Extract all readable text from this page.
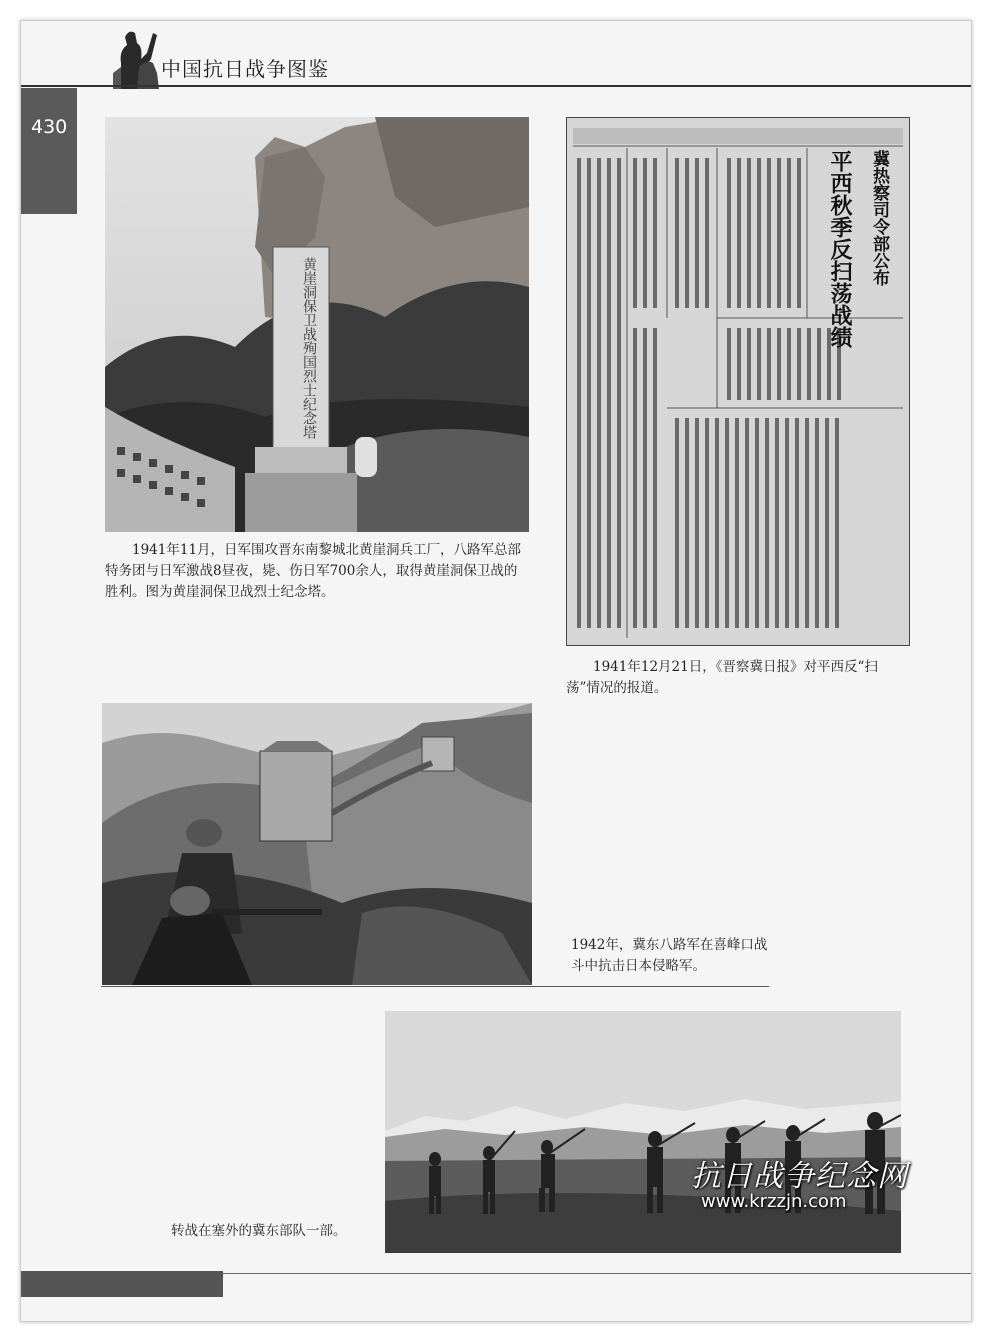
中国抗日战争图鉴
430
黄崖洞保卫战殉国烈士纪念塔
1941年11月，日军围攻晋东南黎城北黄崖洞兵工厂，八路军总部特务团与日军激战8昼夜，毙、伤日军700余人，取得黄崖洞保卫战的胜利。图为黄崖洞保卫战烈士纪念塔。
冀热察司令部公布
平西秋季反扫荡战绩
1941年12月21日，《晋察冀日报》对平西反“扫荡”情况的报道。
1942年，冀东八路军在喜峰口战斗中抗击日本侵略军。
转战在塞外的冀东部队一部。
抗日战争纪念网
www.krzzjn.com
